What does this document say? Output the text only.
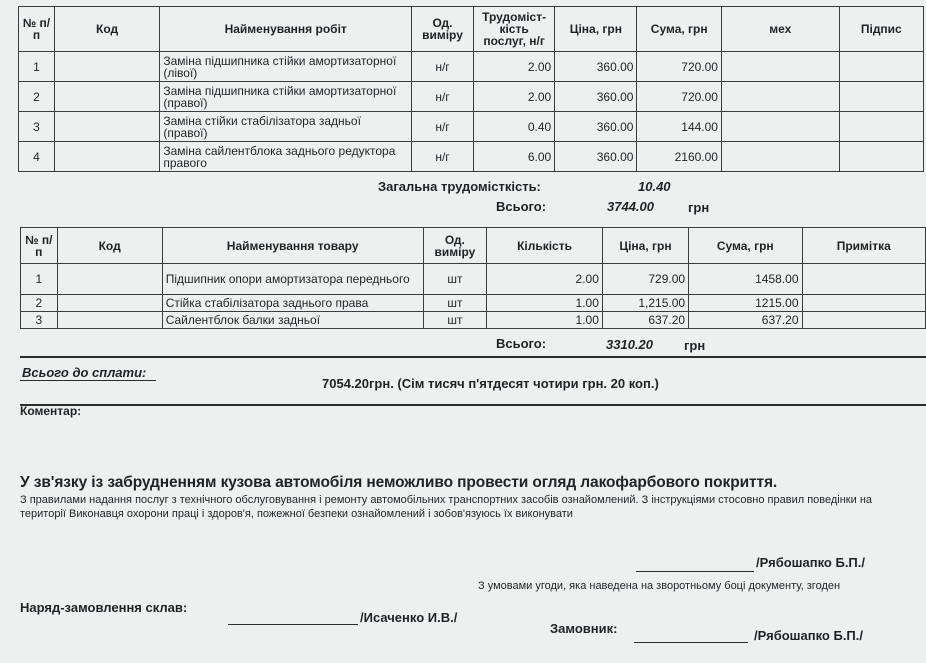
№ п/п	Код	Найменування робіт	Од. виміру	Трудоміст-кість послуг, н/г	Ціна, грн	Сума, грн	мех	Підпис
1		Заміна підшипника стійки амортизаторної (лівої)	н/г	2.00	360.00	720.00		
2		Заміна підшипника стійки амортизаторної (правої)	н/г	2.00	360.00	720.00		
3		Заміна стійки стабілізатора задньої (правої)	н/г	0.40	360.00	144.00		
4		Заміна сайлентблока заднього редуктора правого	н/г	6.00	360.00	2160.00		
Загальна трудомісткість:	10.40
Всього:	3744.00	грн
№ п/п	Код	Найменування товару	Од. виміру	Кількість	Ціна, грн	Сума, грн	Примітка
1		Підшипник опори амортизатора переднього	шт	2.00	729.00	1458.00	
2		Стійка стабілізатора заднього права	шт	1.00	1,215.00	1215.00	
3		Сайлентблок балки задньої	шт	1.00	637.20	637.20	
Всього:	3310.20 грн
Всього до сплати:
7054.20грн. (Сім тисяч п'ятдесят чотири грн. 20 коп.)
Коментар:
У зв'язку із забрудненням кузова автомобіля неможливо провести огляд лакофарбового покриття.
З правилами надання послуг з технічного обслуговування і ремонту автомобільних транспортних засобів ознайомлений. З інструкціями стосовно правил поведінки на території Виконавця охорони праці і здоров'я, пожежної безпеки ознайомлений і зобов'язуюсь їх виконувати
/Рябошапко Б.П./
З умовами угоди, яка наведена на зворотньому боці документу, згоден
Наряд-замовлення склав:
/Исаченко И.В./
Замовник:	/Рябошапко Б.П./
